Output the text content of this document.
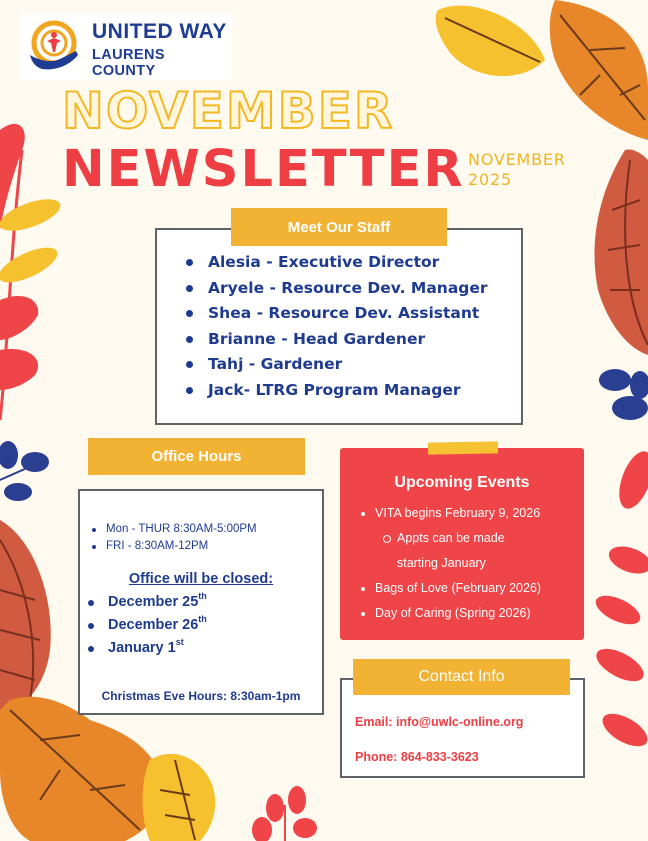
UNITED WAY
LAURENS COUNTY
NOVEMBER
NEWSLETTER NOVEMBER
2025
Meet Our Staff
Alesia - Executive Director
Aryele - Resource Dev. Manager
Shea - Resource Dev. Assistant
Brianne - Head Gardener
Tahj - Gardener
Jack- LTRG Program Manager
Office Hours
Mon - THUR 8:30AM-5:00PM
FRI - 8:30AM-12PM
Office will be closed:
December 25th
December 26th
January 1st
Christmas Eve Hours: 8:30am-1pm
Upcoming Events
VITA begins February 9, 2026
Appts can be made
starting January
Bags of Love (February 2026)
Day of Caring (Spring 2026)
Contact Info
Email: info@uwlc-online.org
Phone: 864-833-3623
